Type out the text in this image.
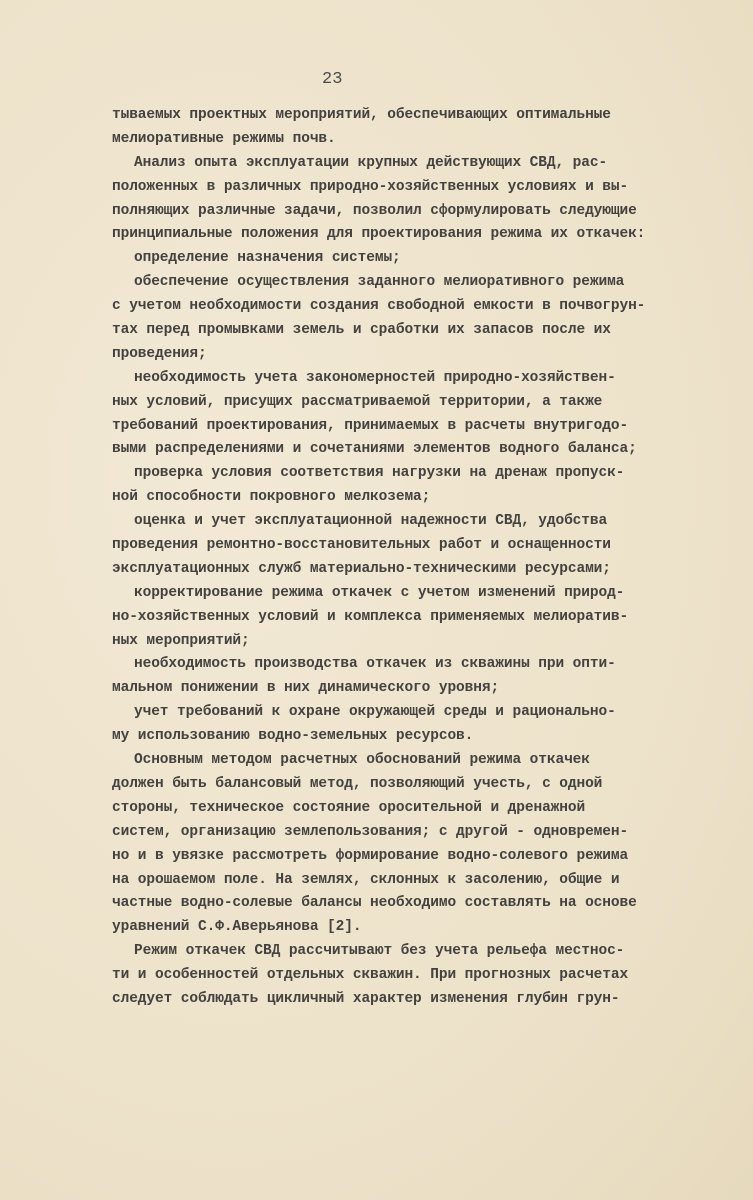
23
тываемых проектных мероприятий, обеспечивающих оптимальные
мелиоративные режимы почв.
Анализ опыта эксплуатации крупных действующих СВД, рас-
положенных в различных природно-хозяйственных условиях и вы-
полняющих различные задачи, позволил сформулировать следующие
принципиальные положения для проектирования режима их откачек:
определение назначения системы;
обеспечение осуществления заданного мелиоративного режима
с учетом необходимости создания свободной емкости в почвогрун-
тах перед промывками земель и сработки их запасов после их
проведения;
необходимость учета закономерностей природно-хозяйствен-
ных условий, присущих рассматриваемой территории, а также
требований проектирования, принимаемых в расчеты внутригодо-
выми распределениями и сочетаниями элементов водного баланса;
проверка условия соответствия нагрузки на дренаж пропуск-
ной способности покровного мелкозема;
оценка и учет эксплуатационной надежности СВД, удобства
проведения ремонтно-восстановительных работ и оснащенности
эксплуатационных служб материально-техническими ресурсами;
корректирование режима откачек с учетом изменений природ-
но-хозяйственных условий и комплекса применяемых мелиоратив-
ных мероприятий;
необходимость производства откачек из скважины при опти-
мальном понижении в них динамического уровня;
учет требований к охране окружающей среды и рационально-
му использованию водно-земельных ресурсов.
Основным методом расчетных обоснований режима откачек
должен быть балансовый метод, позволяющий учесть, с одной
стороны, техническое состояние оросительной и дренажной
систем, организацию землепользования; с другой - одновремен-
но и в увязке рассмотреть формирование водно-солевого режима
на орошаемом поле. На землях, склонных к засолению, общие и
частные водно-солевые балансы необходимо составлять на основе
уравнений С.Ф.Аверьянова [2].
Режим откачек СВД рассчитывают без учета рельефа местнос-
ти и особенностей отдельных скважин. При прогнозных расчетах
следует соблюдать цикличный характер изменения глубин грун-
